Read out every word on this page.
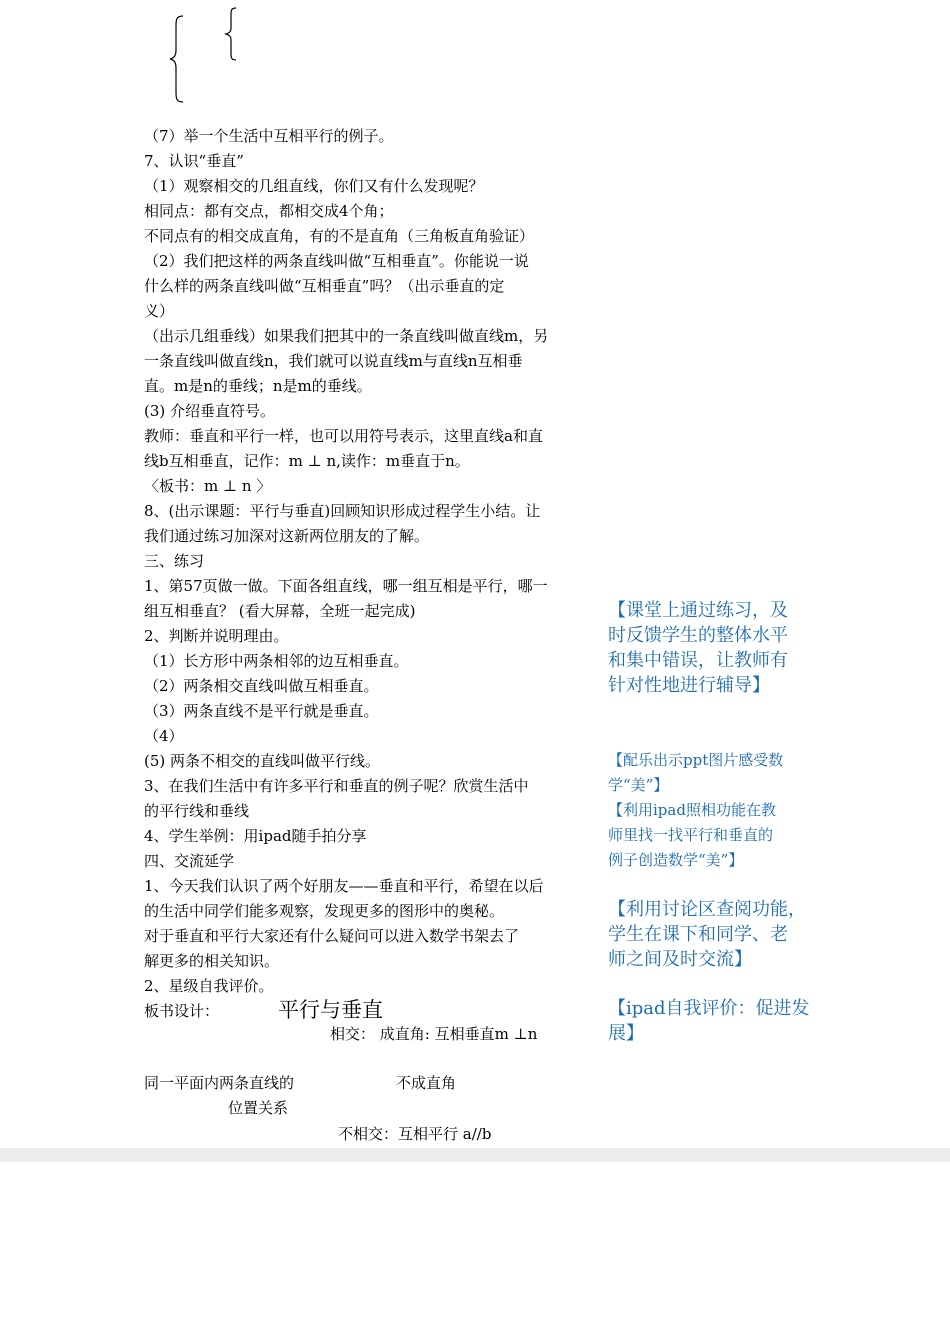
（7）举一个生活中互相平行的例子。
7、认识“垂直”
（1）观察相交的几组直线，你们又有什么发现呢？
相同点：都有交点，都相交成4个角；
不同点有的相交成直角，有的不是直角（三角板直角验证）
（2）我们把这样的两条直线叫做“互相垂直”。你能说一说
什么样的两条直线叫做“互相垂直”吗？（出示垂直的定
义）
（出示几组垂线）如果我们把其中的一条直线叫做直线m，另
一条直线叫做直线n，我们就可以说直线m与直线n互相垂
直。m是n的垂线；n是m的垂线。
(3) 介绍垂直符号。
教师：垂直和平行一样，也可以用符号表示，这里直线a和直
线b互相垂直，记作：m ⊥ n,读作：m垂直于n。
〈板书：m ⊥ n 〉
8、(出示课题：平行与垂直)回顾知识形成过程学生小结。让
我们通过练习加深对这新两位朋友的了解。
三、练习
1、第57页做一做。下面各组直线，哪一组互相是平行，哪一
组互相垂直？ (看大屏幕，全班一起完成)
2、判断并说明理由。
（1）长方形中两条相邻的边互相垂直。
（2）两条相交直线叫做互相垂直。
（3）两条直线不是平行就是垂直。
（4）
(5) 两条不相交的直线叫做平行线。
3、在我们生活中有许多平行和垂直的例子呢？欣赏生活中
的平行线和垂线
4、学生举例：用ipad随手拍分享
四、交流延学
1、今天我们认识了两个好朋友——垂直和平行，希望在以后
的生活中同学们能多观察，发现更多的图形中的奥秘。
对于垂直和平行大家还有什么疑问可以进入数学书架去了
解更多的相关知识。
2、星级自我评价。
【课堂上通过练习，及
时反馈学生的整体水平
和集中错误，让教师有
针对性地进行辅导】
【配乐出示ppt图片感受数
学“美”】
【利用ipad照相功能在教
师里找一找平行和垂直的
例子创造数学“美”】
【利用讨论区查阅功能，
学生在课下和同学、老
师之间及时交流】
【ipad自我评价：促进发
展】
板书设计：	平行与垂直
相交： 成直角: 互相垂直m ⊥n
同一平面内两条直线的	不成直角
位置关系
不相交：互相平行 a//b
